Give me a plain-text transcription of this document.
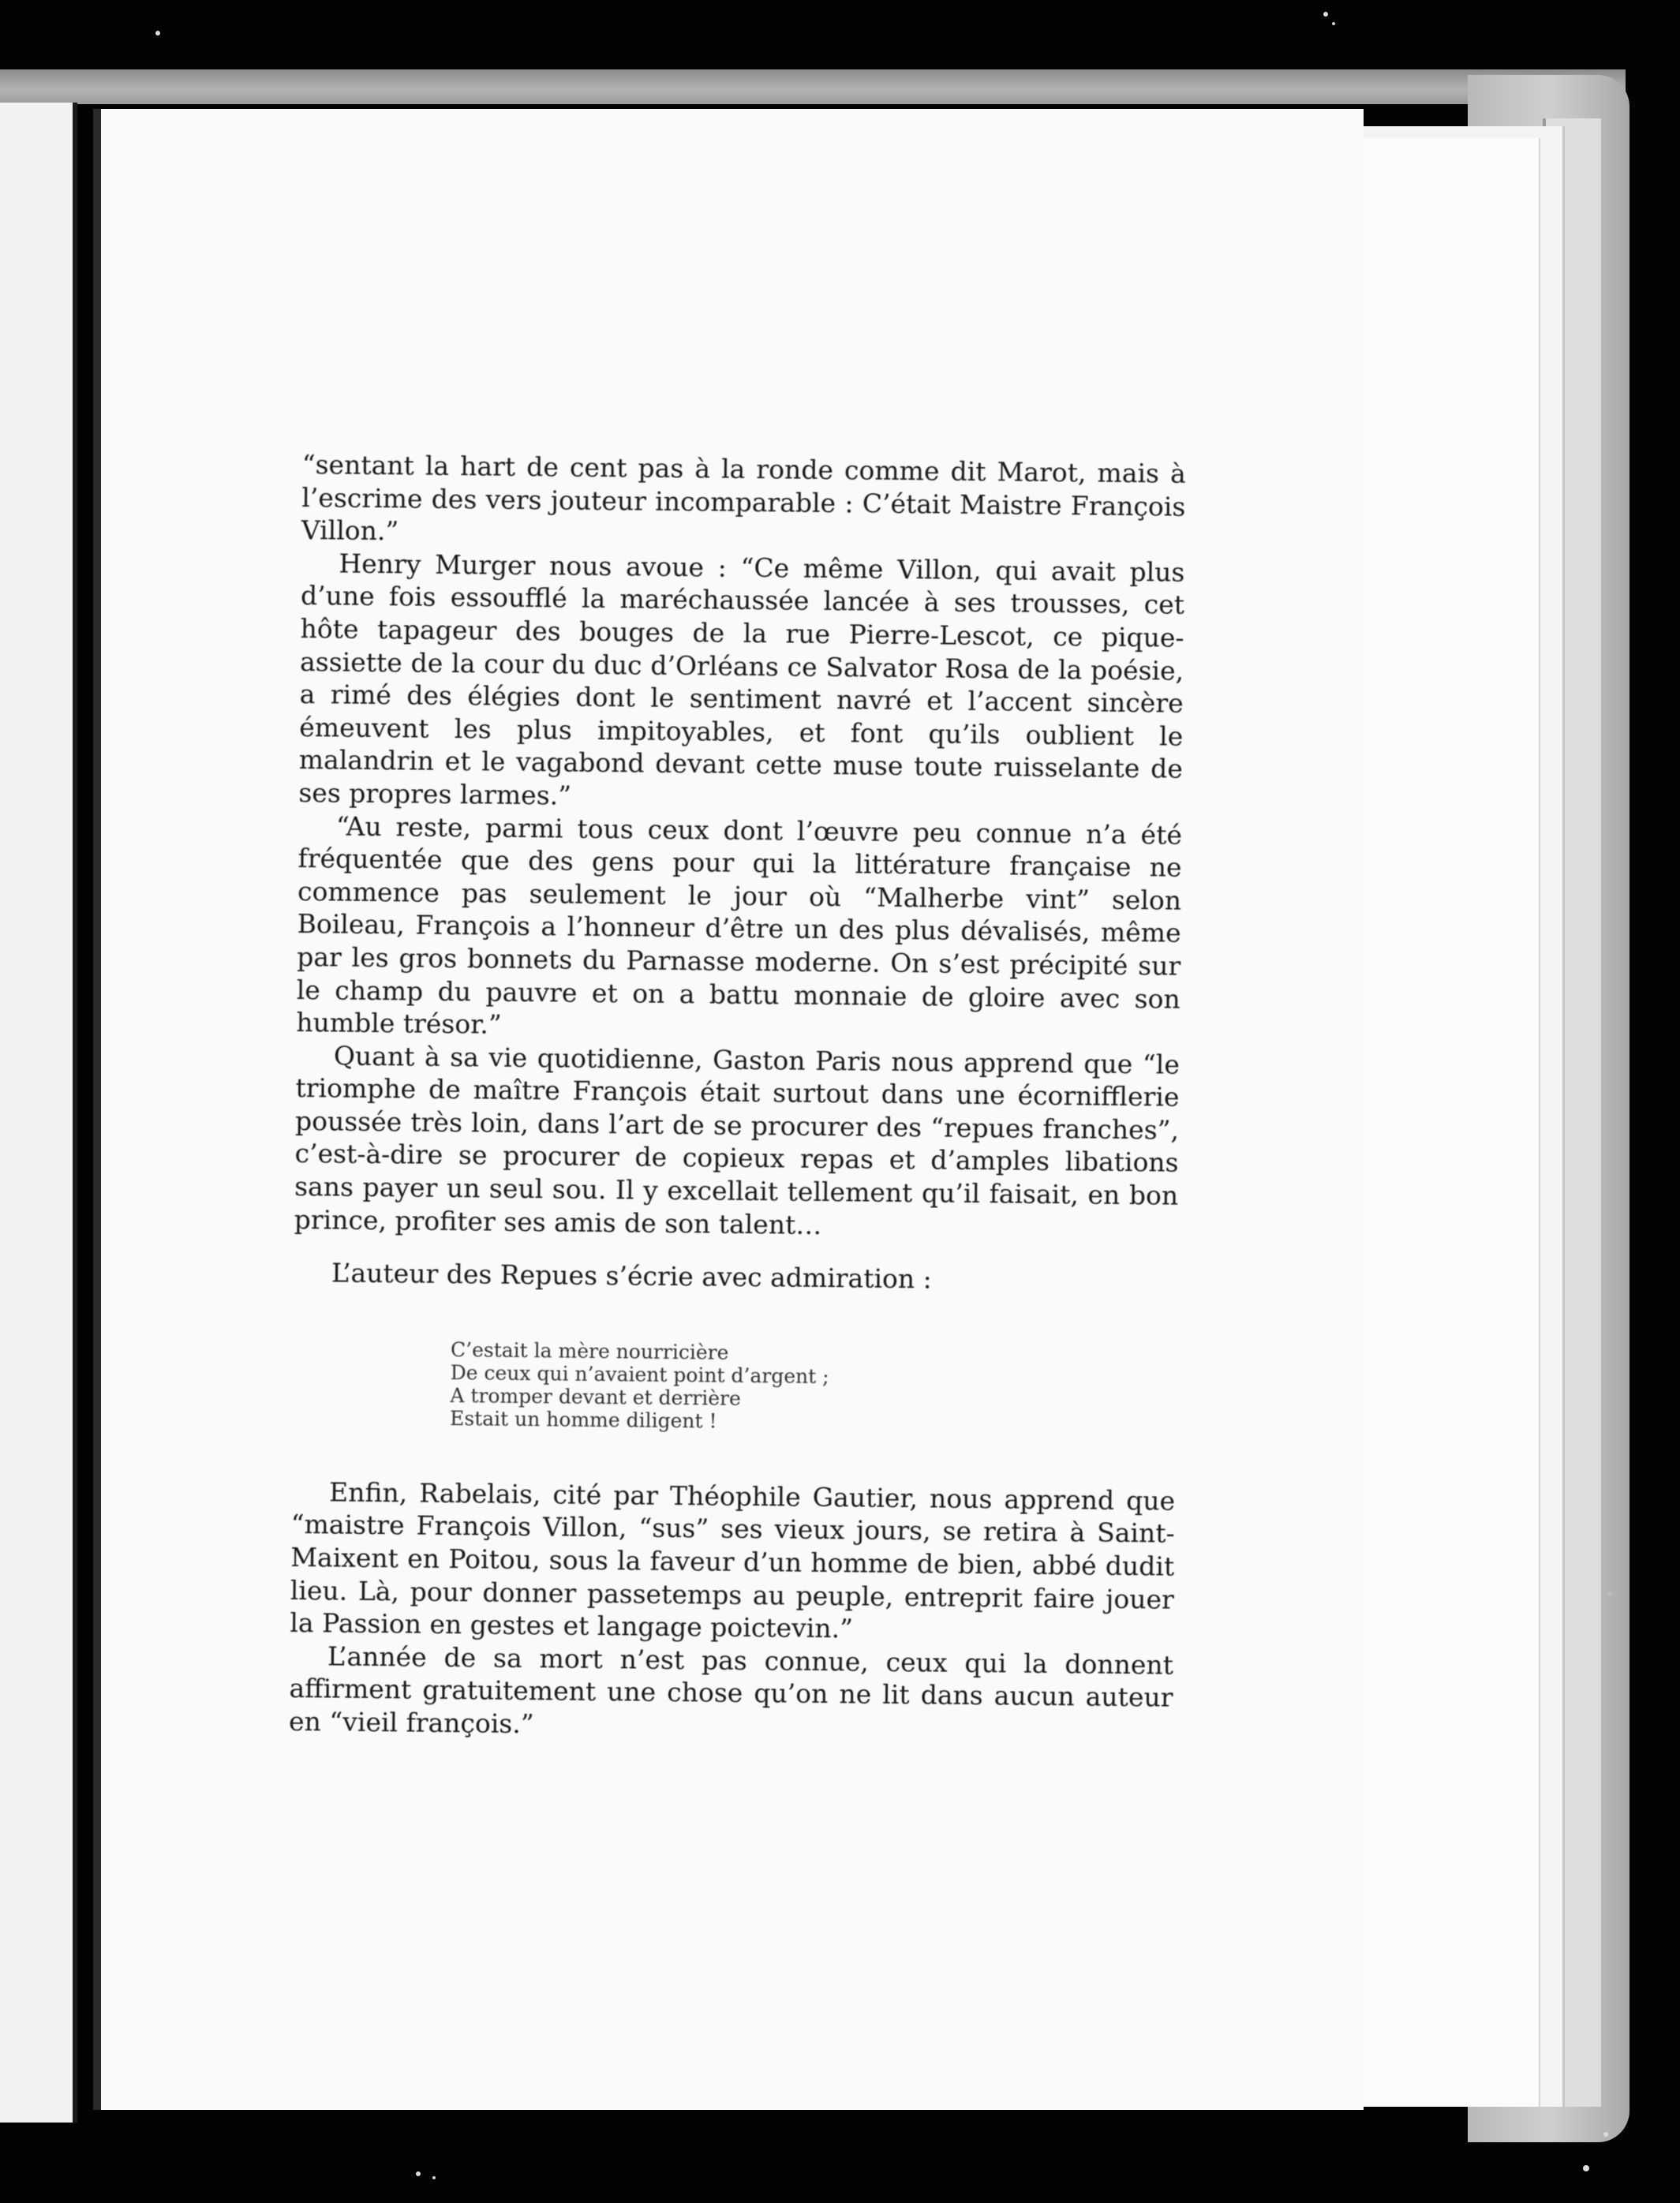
“sentant la hart de cent pas à la ronde comme dit Marot, mais à l’escrime des vers jouteur incomparable : C’était Maistre François Villon.”

Henry Murger nous avoue : “Ce même Villon, qui avait plus d’une fois essoufflé la maréchaussée lancée à ses trousses, cet hôte tapageur des bouges de la rue Pierre-Lescot, ce pique-assiette de la cour du duc d’Orléans ce Salvator Rosa de la poésie, a rimé des élégies dont le sentiment navré et l’accent sincère émeuvent les plus impitoyables, et font qu’ils oublient le malandrin et le vagabond devant cette muse toute ruisselante de ses propres larmes.”

“Au reste, parmi tous ceux dont l’œuvre peu connue n’a été fréquentée que des gens pour qui la littérature française ne commence pas seulement le jour où “Malherbe vint” selon Boileau, François a l’honneur d’être un des plus dévalisés, même par les gros bonnets du Parnasse moderne. On s’est précipité sur le champ du pauvre et on a battu monnaie de gloire avec son humble trésor.”

Quant à sa vie quotidienne, Gaston Paris nous apprend que “le triomphe de maître François était surtout dans une écornifflerie poussée très loin, dans l’art de se procurer des “repues franches”, c’est-à-dire se procurer de copieux repas et d’amples libations sans payer un seul sou. Il y excellait tellement qu’il faisait, en bon prince, profiter ses amis de son talent…

L’auteur des Repues s’écrie avec admiration :

C’estait la mère nourricière
De ceux qui n’avaient point d’argent ;
A tromper devant et derrière
Estait un homme diligent !

Enfin, Rabelais, cité par Théophile Gautier, nous apprend que “maistre François Villon, “sus” ses vieux jours, se retira à Saint-Maixent en Poitou, sous la faveur d’un homme de bien, abbé dudit lieu. Là, pour donner passetemps au peuple, entreprit faire jouer la Passion en gestes et langage poictevin.”

L’année de sa mort n’est pas connue, ceux qui la donnent affirment gratuitement une chose qu’on ne lit dans aucun auteur en “vieil françois.”
